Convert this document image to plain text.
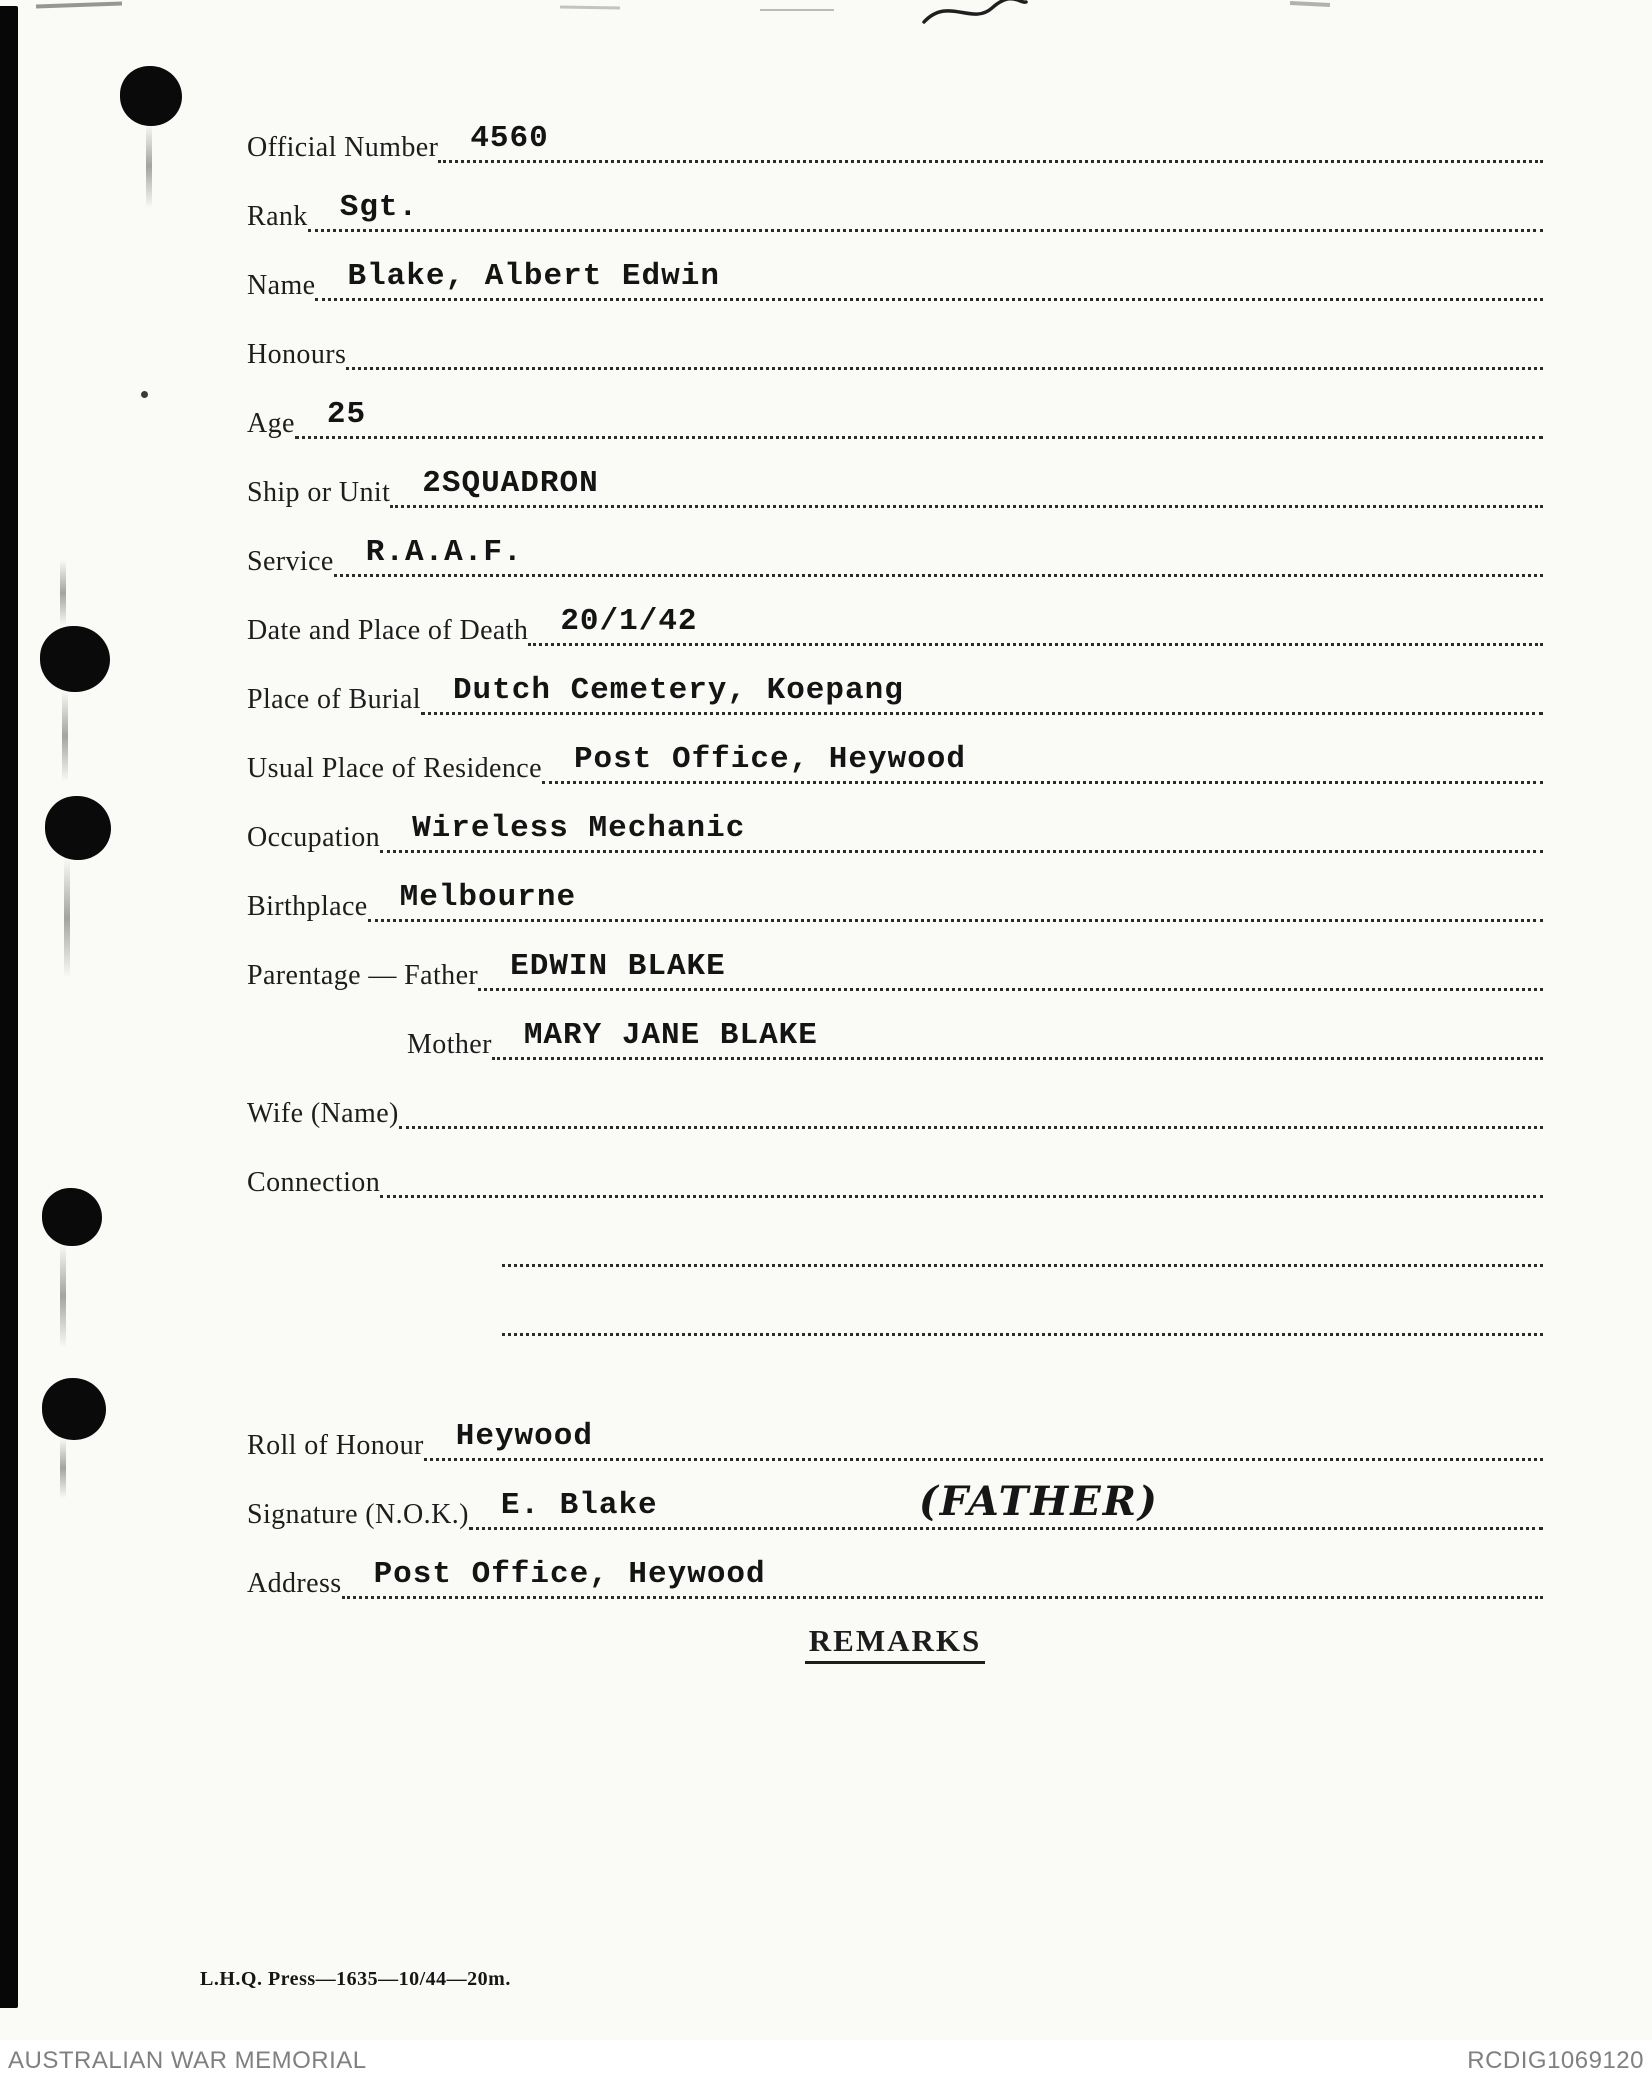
Official Number 4560
Rank Sgt.
Name Blake, Albert Edwin
Honours
Age 25
Ship or Unit 2SQUADRON
Service R.A.A.F.
Date and Place of Death 20/1/42
Place of Burial Dutch Cemetery, Koepang
Usual Place of Residence Post Office, Heywood
Occupation Wireless Mechanic
Birthplace Melbourne
Parentage — Father EDWIN BLAKE
Mother MARY JANE BLAKE
Wife (Name)
Connection
Roll of Honour Heywood
Signature (N.O.K.) E. Blake	(FATHER)
Address Post Office, Heywood
REMARKS
L.H.Q. Press—1635—10/44—20m.
AUSTRALIAN WAR MEMORIAL	RCDIG1069120
